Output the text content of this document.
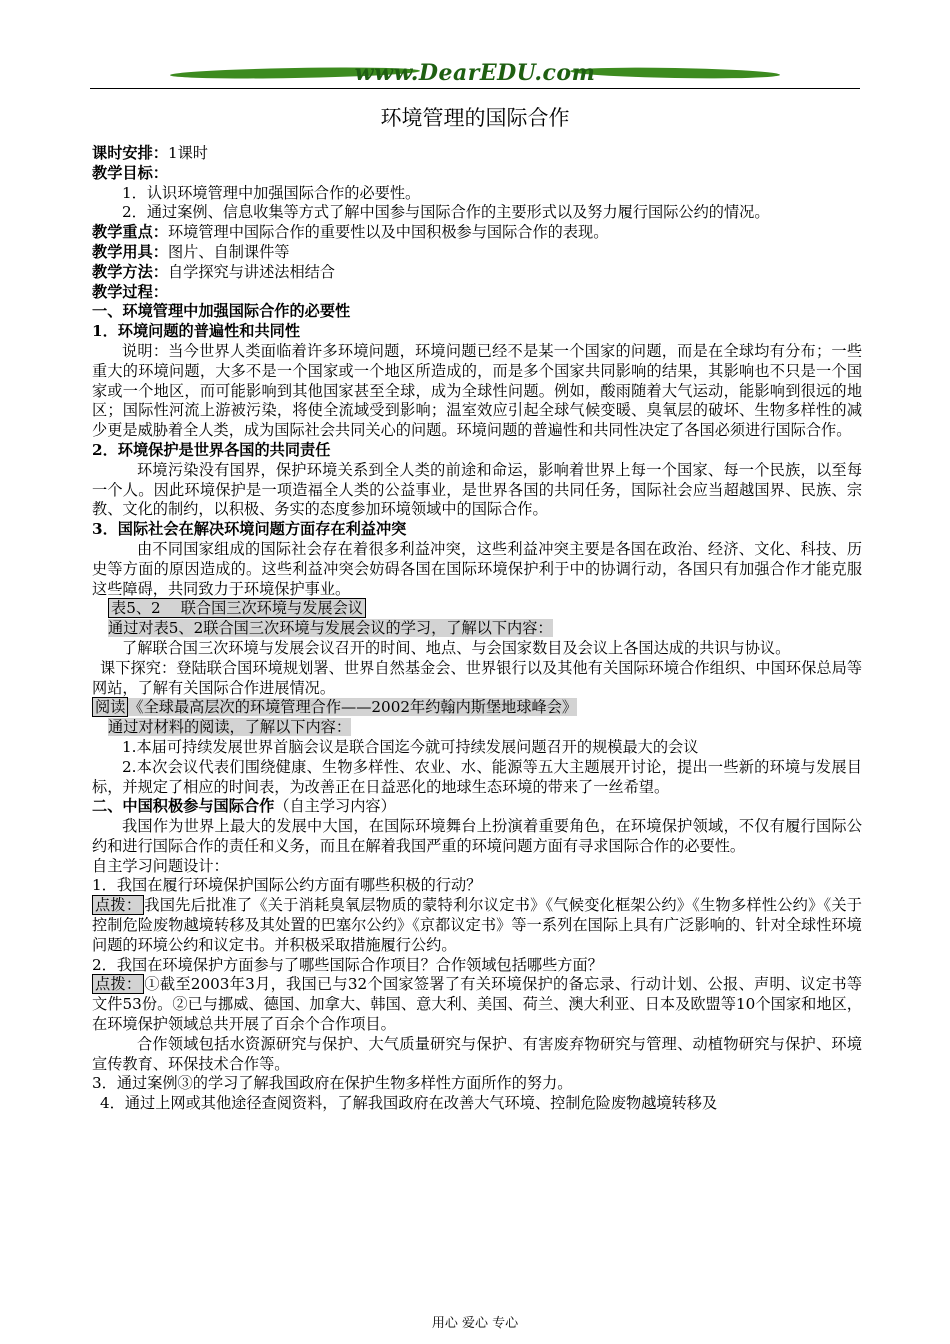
www.DearEDU.com
环境管理的国际合作

课时安排：1课时

教学目标：

1．认识环境管理中加强国际合作的必要性。

2．通过案例、信息收集等方式了解中国参与国际合作的主要形式以及努力履行国际公约的情况。

教学重点：环境管理中国际合作的重要性以及中国积极参与国际合作的表现。

教学用具：图片、自制课件等

教学方法：自学探究与讲述法相结合

教学过程：

一、环境管理中加强国际合作的必要性

1．环境问题的普遍性和共同性

说明：当今世界人类面临着许多环境问题，环境问题已经不是某一个国家的问题，而是在全球均有分布；一些重大的环境问题，大多不是一个国家或一个地区所造成的，而是多个国家共同影响的结果，其影响也不只是一个国家或一个地区，而可能影响到其他国家甚至全球，成为全球性问题。例如，酸雨随着大气运动，能影响到很远的地区；国际性河流上游被污染，将使全流域受到影响；温室效应引起全球气候变暖、臭氧层的破坏、生物多样性的减少更是威胁着全人类，成为国际社会共同关心的问题。环境问题的普遍性和共同性决定了各国必须进行国际合作。

2．环境保护是世界各国的共同责任

环境污染没有国界，保护环境关系到全人类的前途和命运，影响着世界上每一个国家、每一个民族，以至每一个人。因此环境保护是一项造福全人类的公益事业，是世界各国的共同任务，国际社会应当超越国界、民族、宗教、文化的制约，以积极、务实的态度参加环境领域中的国际合作。

3．国际社会在解决环境问题方面存在利益冲突

由不同国家组成的国际社会存在着很多利益冲突，这些利益冲突主要是各国在政治、经济、文化、科技、历史等方面的原因造成的。这些利益冲突会妨碍各国在国际环境保护利于中的协调行动，各国只有加强合作才能克服这些障碍，共同致力于环境保护事业。

表5、2　 联合国三次环境与发展会议

通过对表5、2联合国三次环境与发展会议的学习，了解以下内容：

了解联合国三次环境与发展会议召开的时间、地点、与会国家数目及会议上各国达成的共识与协议。

课下探究：登陆联合国环境规划署、世界自然基金会、世界银行以及其他有关国际环境合作组织、中国环保总局等网站，了解有关国际合作进展情况。

阅读 《全球最高层次的环境管理合作——2002年约翰内斯堡地球峰会》

通过对材料的阅读，了解以下内容：

1.本届可持续发展世界首脑会议是联合国迄今就可持续发展问题召开的规模最大的会议

2.本次会议代表们围绕健康、生物多样性、农业、水、能源等五大主题展开讨论，提出一些新的环境与发展目标，并规定了相应的时间表，为改善正在日益恶化的地球生态环境的带来了一丝希望。

二、中国积极参与国际合作（自主学习内容）

我国作为世界上最大的发展中大国，在国际环境舞台上扮演着重要角色，在环境保护领域，不仅有履行国际公约和进行国际合作的责任和义务，而且在解着我国严重的环境问题方面有寻求国际合作的必要性。

自主学习问题设计：

1．我国在履行环境保护国际公约方面有哪些积极的行动？

点拨： 我国先后批准了《关于消耗臭氧层物质的蒙特利尔议定书》《气候变化框架公约》《生物多样性公约》《关于控制危险废物越境转移及其处置的巴塞尔公约》《京都议定书》等一系列在国际上具有广泛影响的、针对全球性环境问题的环境公约和议定书。并积极采取措施履行公约。

2．我国在环境保护方面参与了哪些国际合作项目？合作领域包括哪些方面？

点拨： ①截至2003年3月，我国已与32个国家签署了有关环境保护的备忘录、行动计划、公报、声明、议定书等文件53份。②已与挪威、德国、加拿大、韩国、意大利、美国、荷兰、澳大利亚、日本及欧盟等10个国家和地区，在环境保护领域总共开展了百余个合作项目。

合作领域包括水资源研究与保护、大气质量研究与保护、有害废弃物研究与管理、动植物研究与保护、环境宣传教育、环保技术合作等。

3．通过案例③的学习了解我国政府在保护生物多样性方面所作的努力。

4．通过上网或其他途径查阅资料，了解我国政府在改善大气环境、控制危险废物越境转移及

用心 爱心 专心
